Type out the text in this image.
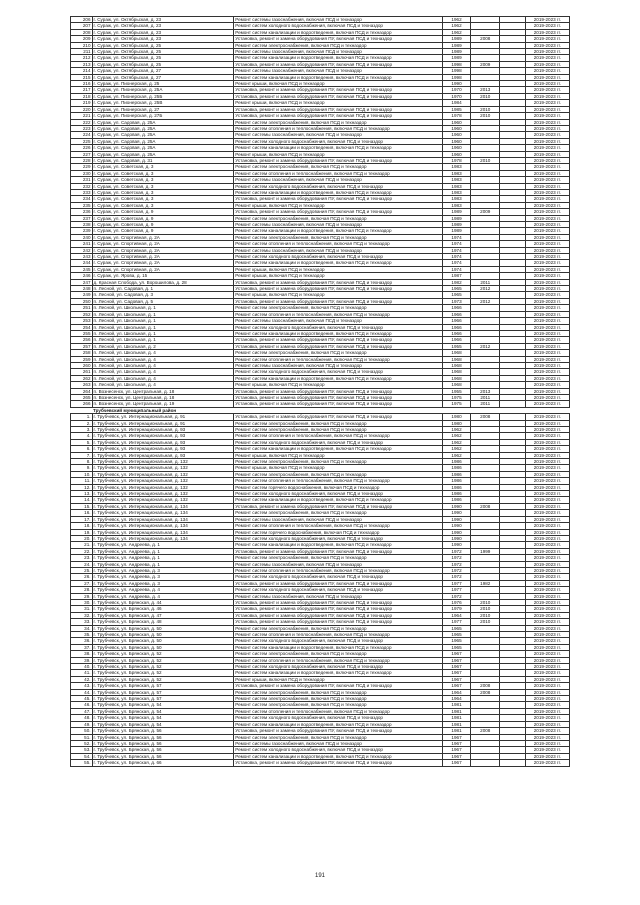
206	г. Сураж, ул. Октябрьская, д. 23	Ремонт системы газоснабжения, включая ПСД и техназдор	1962			2019-2023 гг.
207	г. Сураж, ул. Октябрьская, д. 23	Ремонт систем холодного водоснабжения, включая ПСД и техназдор	1962			2019-2023 гг.
208	г. Сураж, ул. Октябрьская, д. 23	Ремонт систем канализации и водоотведения, включая ПСД и техназдор	1962			2019-2023 гг.
209	г. Сураж, ул. Октябрьская, д. 23	Установка, ремонт и замена оборудования ПУ, включая ПСД и техназдор	1989	2008		2019-2023 гг.
210	г. Сураж, ул. Октябрьская, д. 25	Ремонт систем электроснабжения, включая ПСД и техназдор	1989			2019-2023 гг.
211	г. Сураж, ул. Октябрьская, д. 25	Ремонт системы газоснабжения, включая ПСД и техназдор	1989			2019-2023 гг.
212	г. Сураж, ул. Октябрьская, д. 25	Ремонт систем канализации и водоотведения, включая ПСД и техназдор	1989			2019-2023 гг.
213	г. Сураж, ул. Октябрьская, д. 25	Установка, ремонт и замена оборудования ПУ, включая ПСД и техназдор	1998	2009		2019-2023 гг.
214	г. Сураж, ул. Октябрьская, д. 27	Ремонт системы газоснабжения, включая ПСД и техназдор	1998			2019-2023 гг.
215	г. Сураж, ул. Октябрьская, д. 27	Ремонт систем канализации и водоотведения, включая ПСД и техназдор	1998			2019-2023 гг.
216	г. Сураж, ул. Пионерская, д. 25	Ремонт крыши, включая ПСД и техназдор	1990			2019-2023 гг.
217	г. Сураж, ул. Пионерская, д. 25А	Установка, ремонт и замена оборудования ПУ, включая ПСД и техназдор	1970	2013		2019-2023 гг.
218	г. Сураж, ул. Пионерская, д. 25Б	Установка, ремонт и замена оборудования ПУ, включая ПСД и техназдор	1970	2010		2019-2023 гг.
219	г. Сураж, ул. Пионерская, д. 25В	Ремонт крыши, включая ПСД и техназдор	1984			2019-2023 гг.
220	г. Сураж, ул. Пионерская, д. 27	Установка, ремонт и замена оборудования ПУ, включая ПСД и техназдор	1985	2010		2019-2023 гг.
221	г. Сураж, ул. Пионерская, д. 27Б	Установка, ремонт и замена оборудования ПУ, включая ПСД и техназдор	1978	2010		2019-2023 гг.
222	г. Сураж, ул. Садовая, д. 25А	Ремонт систем электроснабжения, включая ПСД и техназдор	1960			2019-2023 гг.
223	г. Сураж, ул. Садовая, д. 25А	Ремонт систем отопления и теплоснабжения, включая ПСД и техназдор	1960			2019-2023 гг.
224	г. Сураж, ул. Садовая, д. 25А	Ремонт системы газоснабжения, включая ПСД и техназдор	1960			2019-2023 гг.
225	г. Сураж, ул. Садовая, д. 25А	Ремонт систем холодного водоснабжения, включая ПСД и техназдор	1960			2019-2023 гг.
226	г. Сураж, ул. Садовая, д. 25А	Ремонт систем канализации и водоотведения, включая ПСД и техназдор	1960			2019-2023 гг.
227	г. Сураж, ул. Садовая, д. 25А	Ремонт крыши, включая ПСД и техназдор	1960			2019-2023 гг.
228	г. Сураж, ул. Садовая, д. 31	Установка, ремонт и замена оборудования ПУ, включая ПСД и техназдор	1978	2010		2019-2023 гг.
229	г. Сураж, ул. Советская, д. 3	Ремонт систем электроснабжения, включая ПСД и техназдор	1983			2019-2023 гг.
230	г. Сураж, ул. Советская, д. 3	Ремонт систем отопления и теплоснабжения, включая ПСД и техназдор	1983			2019-2023 гг.
231	г. Сураж, ул. Советская, д. 3	Ремонт системы газоснабжения, включая ПСД и техназдор	1983			2019-2023 гг.
232	г. Сураж, ул. Советская, д. 3	Ремонт систем холодного водоснабжения, включая ПСД и техназдор	1983			2019-2023 гг.
233	г. Сураж, ул. Советская, д. 3	Ремонт систем канализации и водоотведения, включая ПСД и техназдор	1983			2019-2023 гг.
234	г. Сураж, ул. Советская, д. 3	Установка, ремонт и замена оборудования ПУ, включая ПСД и техназдор	1983			2019-2023 гг.
235	г. Сураж, ул. Советская, д. 3	Ремонт крыши, включая ПСД и техназдор	1983			2019-2023 гг.
236	г. Сураж, ул. Советская, д. 9	Установка, ремонт и замена оборудования ПУ, включая ПСД и техназдор	1989	2009		2019-2023 гг.
237	г. Сураж, ул. Советская, д. 9	Ремонт систем электроснабжения, включая ПСД и техназдор	1989			2019-2023 гг.
238	г. Сураж, ул. Советская, д. 9	Ремонт системы газоснабжения, включая ПСД и техназдор	1989			2019-2023 гг.
239	г. Сураж, ул. Советская, д. 9	Ремонт систем канализации и водоотведения, включая ПСД и техназдор	1989			2019-2023 гг.
240	г. Сураж, ул. Спортивная, д. 2А	Ремонт систем электроснабжения, включая ПСД и техназдор	1974			2019-2023 гг.
241	г. Сураж, ул. Спортивная, д. 2А	Ремонт систем отопления и теплоснабжения, включая ПСД и техназдор	1974			2019-2023 гг.
242	г. Сураж, ул. Спортивная, д. 2А	Ремонт системы газоснабжения, включая ПСД и техназдор	1974			2019-2023 гг.
243	г. Сураж, ул. Спортивная, д. 2А	Ремонт систем холодного водоснабжения, включая ПСД и техназдор	1974			2019-2023 гг.
244	г. Сураж, ул. Спортивная, д. 2А	Ремонт систем канализации и водоотведения, включая ПСД и техназдор	1974			2019-2023 гг.
245	г. Сураж, ул. Спортивная, д. 2А	Ремонт крыши, включая ПСД и техназдор	1974			2019-2023 гг.
246	г. Сураж, ул. Ярова, д. 15	Ремонт крыши, включая ПСД и техназдор	1987			2019-2023 гг.
247	д. Красная Слобода, ул. Ворошилова, д. 28	Установка, ремонт и замена оборудования ПУ, включая ПСД и техназдор	1982	2011		2019-2023 гг.
248	п. Лесной, ул. Садовая, д. 1	Установка, ремонт и замена оборудования ПУ, включая ПСД и техназдор	1965	2012		2019-2023 гг.
249	п. Лесной, ул. Садовая, д. 3	Ремонт крыши, включая ПСД и техназдор	1965			2019-2023 гг.
250	п. Лесной, ул. Садовая, д. 5	Установка, ремонт и замена оборудования ПУ, включая ПСД и техназдор	1973	2012		2019-2023 гг.
251	п. Лесной, ул. Школьная, д. 1	Ремонт систем электроснабжения, включая ПСД и техназдор	1966			2019-2023 гг.
252	п. Лесной, ул. Школьная, д. 1	Ремонт систем отопления и теплоснабжения, включая ПСД и техназдор	1966			2019-2023 гг.
253	п. Лесной, ул. Школьная, д. 1	Ремонт системы газоснабжения, включая ПСД и техназдор	1966			2019-2023 гг.
254	п. Лесной, ул. Школьная, д. 1	Ремонт систем холодного водоснабжения, включая ПСД и техназдор	1966			2019-2023 гг.
255	п. Лесной, ул. Школьная, д. 1	Ремонт систем канализации и водоотведения, включая ПСД и техназдор	1966			2019-2023 гг.
256	п. Лесной, ул. Школьная, д. 1	Установка, ремонт и замена оборудования ПУ, включая ПСД и техназдор	1966			2019-2023 гг.
257	п. Лесной, ул. Школьная, д. 2	Установка, ремонт и замена оборудования ПУ, включая ПСД и техназдор	1955	2012		2019-2023 гг.
258	п. Лесной, ул. Школьная, д. 4	Ремонт систем электроснабжения, включая ПСД и техназдор	1968			2019-2023 гг.
259	п. Лесной, ул. Школьная, д. 4	Ремонт систем отопления и теплоснабжения, включая ПСД и техназдор	1968			2019-2023 гг.
260	п. Лесной, ул. Школьная, д. 4	Ремонт системы газоснабжения, включая ПСД и техназдор	1968			2019-2023 гг.
261	п. Лесной, ул. Школьная, д. 4	Ремонт систем холодного водоснабжения, включая ПСД и техназдор	1968			2019-2023 гг.
262	п. Лесной, ул. Школьная, д. 4	Ремонт систем канализации и водоотведения, включая ПСД и техназдор	1968			2019-2023 гг.
263	п. Лесной, ул. Школьная, д. 4	Ремонт крыши, включая ПСД и техназдор	1968			2019-2023 гг.
264	п. Вознесенск, ул. Центральная, д. 18	Установка, ремонт и замена оборудования ПУ, включая ПСД и техназдор	1955	2013		2019-2023 гг.
265	п. Вознесенск, ул. Центральная, д. 18	Установка, ремонт и замена оборудования ПУ, включая ПСД и техназдор	1975	2011		2019-2023 гг.
266	п. Вознесенск, ул. Центральная, д. 19	Установка, ремонт и замена оборудования ПУ, включая ПСД и техназдор	1975	2011		2019-2023 гг.
	Трубчевский муниципальный район					
1.	г. Трубчевск, ул. Интернациональная, д. 91	Установка, ремонт и замена оборудования ПУ, включая ПСД и техназдор	1980	2008		2019-2023 гг.
2.	г. Трубчевск, ул. Интернациональная, д. 91	Ремонт систем электроснабжения, включая ПСД и техназдор	1980			2019-2023 гг.
3.	г. Трубчевск, ул. Интернациональная, д. 93	Ремонт систем электроснабжения, включая ПСД и техназдор	1962			2019-2023 гг.
4.	г. Трубчевск, ул. Интернациональная, д. 93	Ремонт систем отопления и теплоснабжения, включая ПСД и техназдор	1962			2019-2023 гг.
5.	г. Трубчевск, ул. Интернациональная, д. 93	Ремонт систем холодного водоснабжения, включая ПСД и техназдор	1962			2019-2023 гг.
6.	г. Трубчевск, ул. Интернациональная, д. 93	Ремонт систем канализации и водоотведения, включая ПСД и техназдор	1962			2019-2023 гг.
7.	г. Трубчевск, ул. Интернациональная, д. 93	Ремонт крыши, включая ПСД и техназдор	1962			2019-2023 гг.
8.	г. Трубчевск, ул. Интернациональная, д. 132	Ремонт систем электроснабжения, включая ПСД и техназдор	1986			2019-2023 гг.
9.	г. Трубчевск, ул. Интернациональная, д. 132	Ремонт крыши, включая ПСД и техназдор	1986			2019-2023 гг.
10.	г. Трубчевск, ул. Интернациональная, д. 132	Ремонт систем электроснабжения, включая ПСД и техназдор	1986			2019-2023 гг.
11.	г. Трубчевск, ул. Интернациональная, д. 132	Ремонт систем отопления и теплоснабжения, включая ПСД и техназдор	1986			2019-2023 гг.
12.	г. Трубчевск, ул. Интернациональная, д. 132	Ремонт систем горячего водоснабжения, включая ПСД и техназдор	1986			2019-2023 гг.
13.	г. Трубчевск, ул. Интернациональная, д. 132	Ремонт систем холодного водоснабжения, включая ПСД и техназдор	1986			2019-2023 гг.
14.	г. Трубчевск, ул. Интернациональная, д. 132	Ремонт систем канализации и водоотведения, включая ПСД и техназдор	1986			2019-2023 гг.
15.	г. Трубчевск, ул. Интернациональная, д. 134	Установка, ремонт и замена оборудования ПУ, включая ПСД и техназдор	1990	2008		2019-2023 гг.
16.	г. Трубчевск, ул. Интернациональная, д. 134	Ремонт систем электроснабжения, включая ПСД и техназдор	1990			2019-2023 гг.
17.	г. Трубчевск, ул. Интернациональная, д. 134	Ремонт системы газоснабжения, включая ПСД и техназдор	1990			2019-2023 гг.
18.	г. Трубчевск, ул. Интернациональная, д. 134	Ремонт систем отопления и теплоснабжения, включая ПСД и техназдор	1990			2019-2023 гг.
19.	г. Трубчевск, ул. Интернациональная, д. 134	Ремонт систем горячего водоснабжения, включая ПСД и техназдор	1990			2019-2023 гг.
20.	г. Трубчевск, ул. Интернациональная, д. 134	Ремонт систем холодного водоснабжения, включая ПСД и техназдор	1990			2019-2023 гг.
21.	г. Трубчевск, ул. Андреева, д. 1	Ремонт систем канализации и водоотведения, включая ПСД и техназдор	1990			2019-2023 гг.
22.	г. Трубчевск, ул. Андреева, д. 1	Установка, ремонт и замена оборудования ПУ, включая ПСД и техназдор	1972	1999		2019-2023 гг.
23.	г. Трубчевск, ул. Андреева, д. 1	Ремонт систем электроснабжения, включая ПСД и техназдор	1972			2019-2023 гг.
24.	г. Трубчевск, ул. Андреева, д. 1	Ремонт системы газоснабжения, включая ПСД и техназдор	1972			2019-2023 гг.
25.	г. Трубчевск, ул. Андреева, д. 3	Ремонт систем отопления и теплоснабжения, включая ПСД и техназдор	1972			2019-2023 гг.
26.	г. Трубчевск, ул. Андреева, д. 3	Ремонт систем холодного водоснабжения, включая ПСД и техназдор	1972			2019-2023 гг.
27.	г. Трубчевск, ул. Андреева, д. 3	Установка, ремонт и замена оборудования ПУ, включая ПСД и техназдор	1977	1982		2019-2023 гг.
28.	г. Трубчевск, ул. Андреева, д. 4	Ремонт систем холодного водоснабжения, включая ПСД и техназдор	1977			2019-2023 гг.
29.	г. Трубчевск, ул. Андреева, д. 4	Ремонт системы газоснабжения, включая ПСД и техназдор	1972			2019-2023 гг.
30.	г. Трубчевск, ул. Брянская, д. 44	Установка, ремонт и замена оборудования ПУ, включая ПСД и техназдор	1976	2010		2019-2023 гг.
31.	г. Трубчевск, ул. Брянская, д. 46	Установка, ремонт и замена оборудования ПУ, включая ПСД и техназдор	1979	2010		2019-2023 гг.
32.	г. Трубчевск, ул. Брянская, д. 47	Установка, ремонт и замена оборудования ПУ, включая ПСД и техназдор	1964	2010		2019-2023 гг.
33.	г. Трубчевск, ул. Брянская, д. 48	Установка, ремонт и замена оборудования ПУ, включая ПСД и техназдор	1977	2010		2019-2023 гг.
34.	г. Трубчевск, ул. Брянская, д. 50	Ремонт систем электроснабжения, включая ПСД и техназдор	1965			2019-2023 гг.
35.	г. Трубчевск, ул. Брянская, д. 50	Ремонт систем отопления и теплоснабжения, включая ПСД и техназдор	1965			2019-2023 гг.
36.	г. Трубчевск, ул. Брянская, д. 50	Ремонт систем холодного водоснабжения, включая ПСД и техназдор	1965			2019-2023 гг.
37.	г. Трубчевск, ул. Брянская, д. 50	Ремонт систем канализации и водоотведения, включая ПСД и техназдор	1965			2019-2023 гг.
38.	г. Трубчевск, ул. Брянская, д. 52	Ремонт систем электроснабжения, включая ПСД и техназдор	1967			2019-2023 гг.
39.	г. Трубчевск, ул. Брянская, д. 52	Ремонт систем отопления и теплоснабжения, включая ПСД и техназдор	1967			2019-2023 гг.
40.	г. Трубчевск, ул. Брянская, д. 52	Ремонт систем холодного водоснабжения, включая ПСД и техназдор	1967			2019-2023 гг.
41.	г. Трубчевск, ул. Брянская, д. 52	Ремонт систем канализации и водоотведения, включая ПСД и техназдор	1967			2019-2023 гг.
42.	г. Трубчевск, ул. Брянская, д. 52	Ремонт крыши, включая ПСД и техназдор	1967			2019-2023 гг.
43.	г. Трубчевск, ул. Брянская, д. 57	Установка, ремонт и замена оборудования ПУ, включая ПСД и техназдор	1967	2008		2019-2023 гг.
44.	г. Трубчевск, ул. Брянская, д. 57	Ремонт систем электроснабжения, включая ПСД и техназдор	1964	2008		2019-2023 гг.
45.	г. Трубчевск, ул. Брянская, д. 57	Ремонт систем электроснабжения, включая ПСД и техназдор	1964			2019-2023 гг.
46.	г. Трубчевск, ул. Брянская, д. 54	Ремонт систем электроснабжения, включая ПСД и техназдор	1981			2019-2023 гг.
47.	г. Трубчевск, ул. Брянская, д. 54	Ремонт систем отопления и теплоснабжения, включая ПСД и техназдор	1981			2019-2023 гг.
48.	г. Трубчевск, ул. Брянская, д. 54	Ремонт систем холодного водоснабжения, включая ПСД и техназдор	1981			2019-2023 гг.
49.	г. Трубчевск, ул. Брянская, д. 54	Ремонт систем канализации и водоотведения, включая ПСД и техназдор	1981			2019-2023 гг.
50.	г. Трубчевск, ул. Брянская, д. 56	Установка, ремонт и замена оборудования ПУ, включая ПСД и техназдор	1981	2008		2019-2023 гг.
51.	г. Трубчевск, ул. Брянская, д. 56	Ремонт систем электроснабжения, включая ПСД и техназдор	1967			2019-2023 гг.
52.	г. Трубчевск, ул. Брянская, д. 56	Ремонт системы газоснабжения, включая ПСД и техназдор	1967			2019-2023 гг.
53.	г. Трубчевск, ул. Брянская, д. 56	Ремонт систем холодного водоснабжения, включая ПСД и техназдор	1967			2019-2023 гг.
54.	г. Трубчевск, ул. Брянская, д. 56	Ремонт систем канализации и водоотведения, включая ПСД и техназдор	1967			2019-2023 гг.
55.	г. Трубчевск, ул. Брянская, д. 66	Установка, ремонт и замена оборудования ПУ, включая ПСД и техназдор	1967			2019-2023 гг.
191
